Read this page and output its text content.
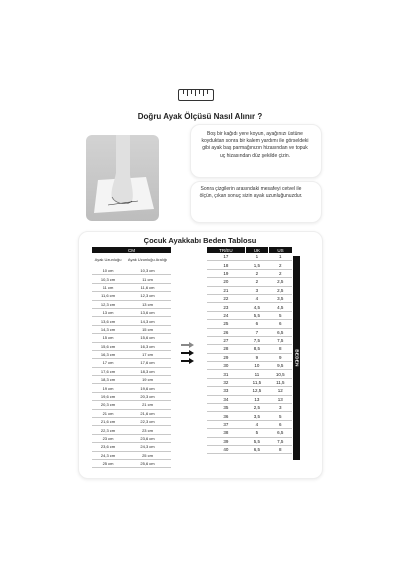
Doğru Ayak Ölçüsü Nasıl Alınır ?
Boş bir kağıdı yere koyun, ayağınızı üstüne koyduktan sonra bir kalem yardımı ile görseldeki gibi ayak baş parmağınızın hizasından ve topuk uç hizasından düz şekilde çizin.
Sonra çizgilerin arasındaki mesafeyi cetvel ile ölçün, çıkan sonuç sizin ayak uzunluğunuzdur.
Çocuk Ayakkabı Beden Tablosu
CM	
Ayak Uzunluğu	Ayak Uzunluğu Aralığı
10 cm	10,3 cm
10,3 cm	11 cm
11 cm	11,6 cm
11,6 cm	12,3 cm
12,3 cm	13 cm
13 cm	13,6 cm
13,6 cm	14,3 cm
14,3 cm	15 cm
15 cm	15,6 cm
15,6 cm	16,3 cm
16,3 cm	17 cm
17 cm	17,6 cm
17,6 cm	18,3 cm
18,3 cm	19 cm
19 cm	19,6 cm
19,6 cm	20,3 cm
20,3 cm	21 cm
21 cm	21,6 cm
21,6 cm	22,3 cm
22,3 cm	23 cm
23 cm	23,6 cm
23,6 cm	24,3 cm
24,3 cm	25 cm
25 cm	25,6 cm
TR/EU	UK	US
17	1	1
18	1,5	2
19	2	2
20	2	2,5
21	3	2,5
22	4	3,5
23	4,5	4,5
24	5,5	5
25	6	6
26	7	6,5
27	7,5	7,5
28	8,5	8
29	9	9
30	10	9,5
31	11	10,5
32	11,5	11,5
33	12,5	12
34	13	13
35	2,5	3
36	3,5	5
37	4	6
38	5	6,5
39	5,5	7,5
40	6,5	8
BEDEN
